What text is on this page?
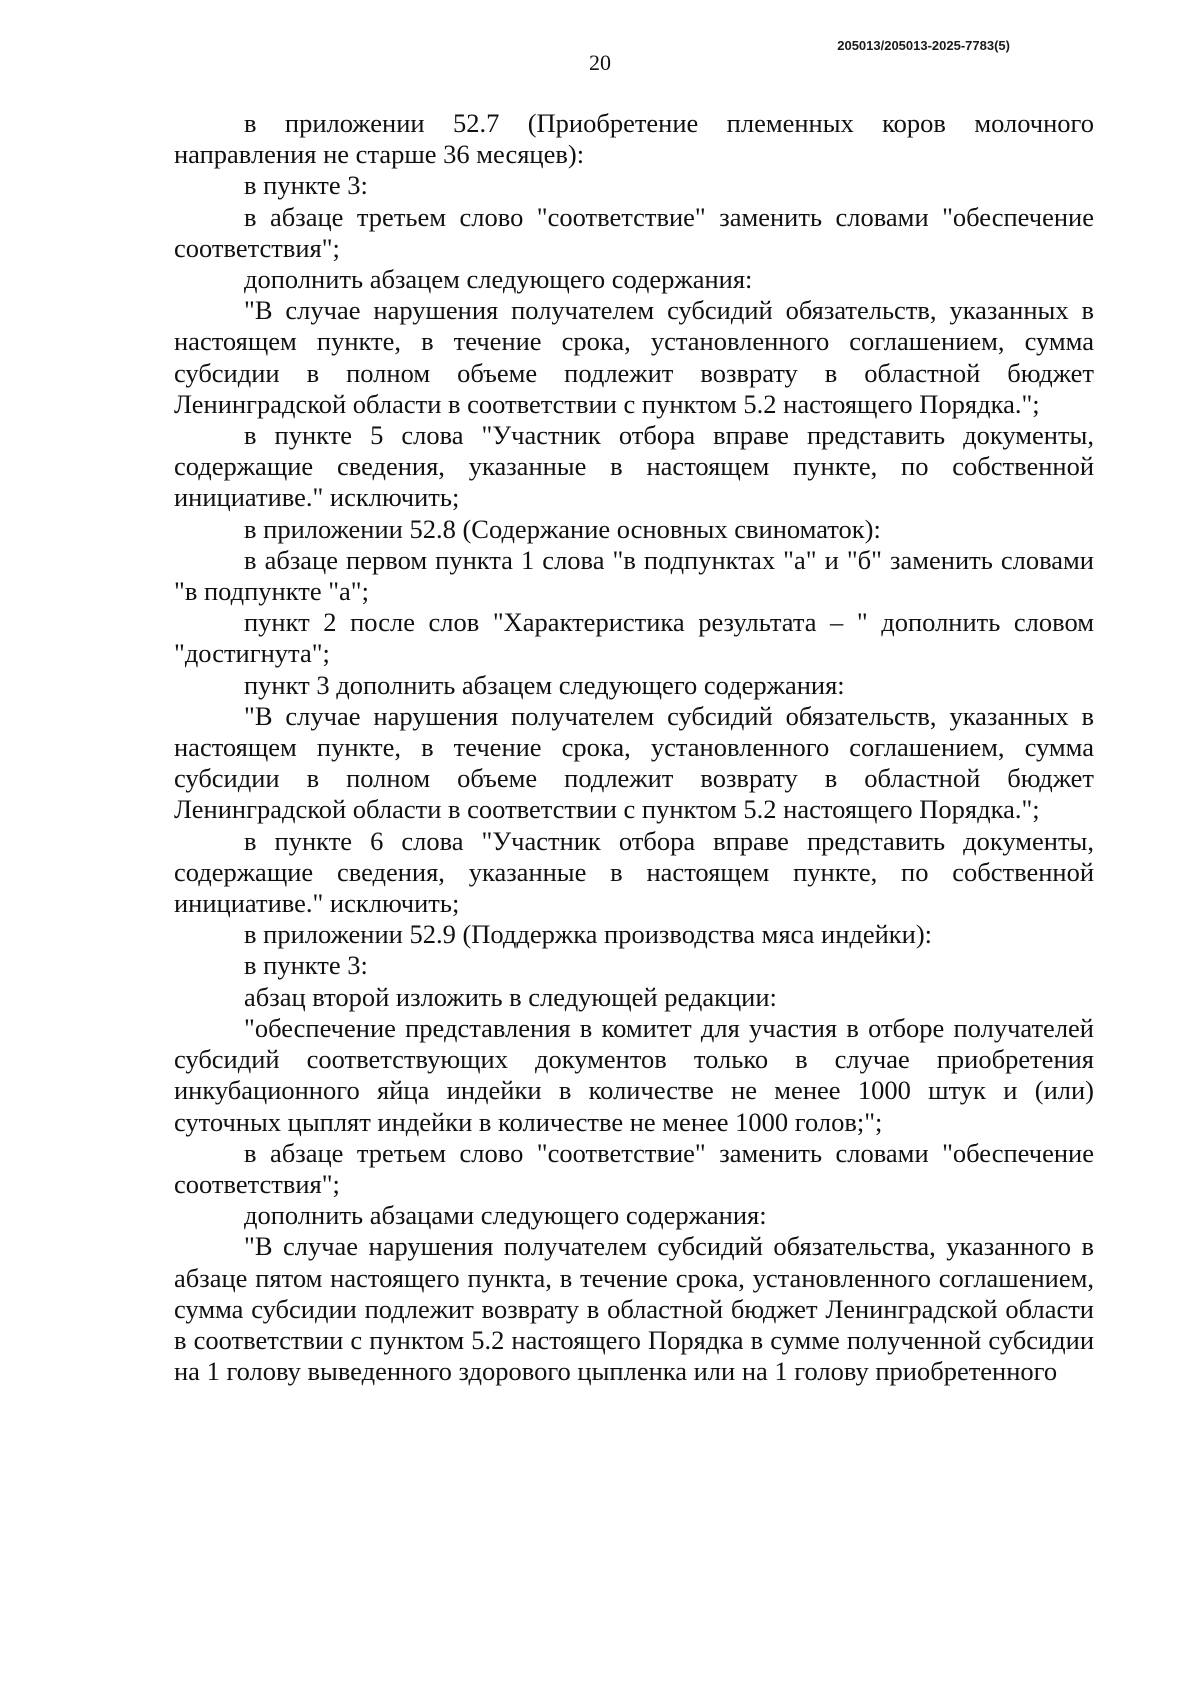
205013/205013-2025-7783(5)
20

в приложении 52.7 (Приобретение племенных коров молочного направления не старше 36 месяцев):

в пункте 3:

в абзаце третьем слово "соответствие" заменить словами "обеспечение соответствия";

дополнить абзацем следующего содержания:

"В случае нарушения получателем субсидий обязательств, указанных в настоящем пункте, в течение срока, установленного соглашением, сумма субсидии в полном объеме подлежит возврату в областной бюджет Ленинградской области в соответствии с пунктом 5.2 настоящего Порядка.";

в пункте 5 слова "Участник отбора вправе представить документы, содержащие сведения, указанные в настоящем пункте, по собственной инициативе." исключить;

в приложении 52.8 (Содержание основных свиноматок):

в абзаце первом пункта 1 слова "в подпунктах "а" и "б" заменить словами "в подпункте "а";

пункт 2 после слов "Характеристика результата – " дополнить словом "достигнута";

пункт 3 дополнить абзацем следующего содержания:

"В случае нарушения получателем субсидий обязательств, указанных в настоящем пункте, в течение срока, установленного соглашением, сумма субсидии в полном объеме подлежит возврату в областной бюджет Ленинградской области в соответствии с пунктом 5.2 настоящего Порядка.";

в пункте 6 слова "Участник отбора вправе представить документы, содержащие сведения, указанные в настоящем пункте, по собственной инициативе." исключить;

в приложении 52.9 (Поддержка производства мяса индейки):

в пункте 3:

абзац второй изложить в следующей редакции:

"обеспечение представления в комитет для участия в отборе получателей субсидий соответствующих документов только в случае приобретения инкубационного яйца индейки в количестве не менее 1000 штук и (или) суточных цыплят индейки в количестве не менее 1000 голов;";

в абзаце третьем слово "соответствие" заменить словами "обеспечение соответствия";

дополнить абзацами следующего содержания:

"В случае нарушения получателем субсидий обязательства, указанного в абзаце пятом настоящего пункта, в течение срока, установленного соглашением, сумма субсидии подлежит возврату в областной бюджет Ленинградской области в соответствии с пунктом 5.2 настоящего Порядка в сумме полученной субсидии на 1 голову выведенного здорового цыпленка или на 1 голову приобретенного
